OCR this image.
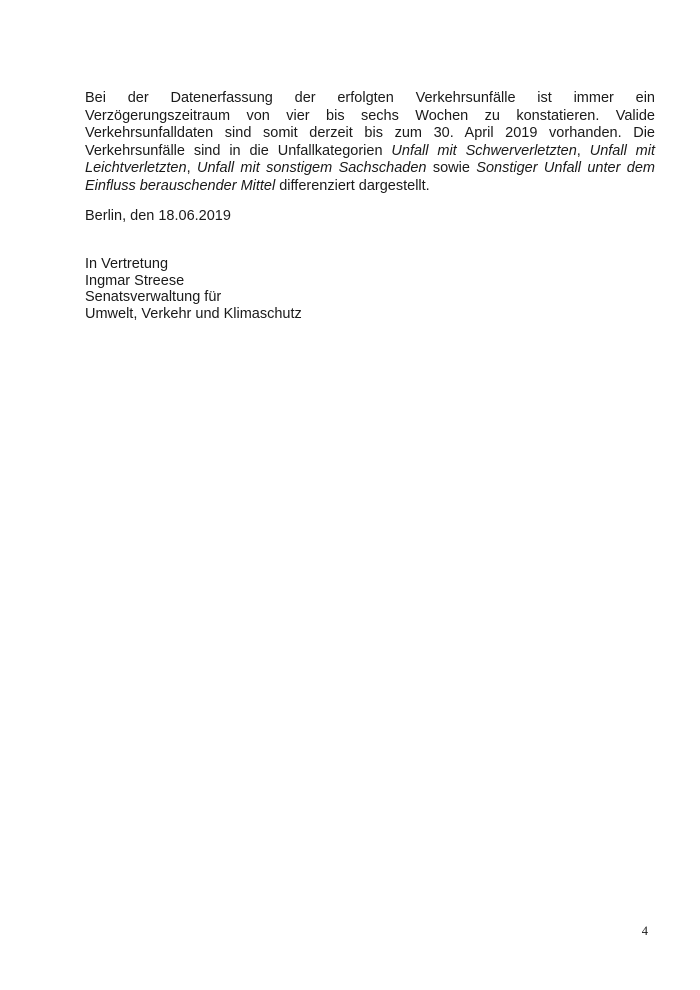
Bei der Datenerfassung der erfolgten Verkehrsunfälle ist immer ein Verzögerungszeitraum von vier bis sechs Wochen zu konstatieren. Valide Verkehrsunfalldaten sind somit derzeit bis zum 30. April 2019 vorhanden. Die Verkehrsunfälle sind in die Unfallkategorien Unfall mit Schwerverletzten, Unfall mit Leichtverletzten, Unfall mit sonstigem Sachschaden sowie Sonstiger Unfall unter dem Einfluss berauschender Mittel differenziert dargestellt.

Berlin, den 18.06.2019

In Vertretung
Ingmar Streese
Senatsverwaltung für
Umwelt, Verkehr und Klimaschutz
4
